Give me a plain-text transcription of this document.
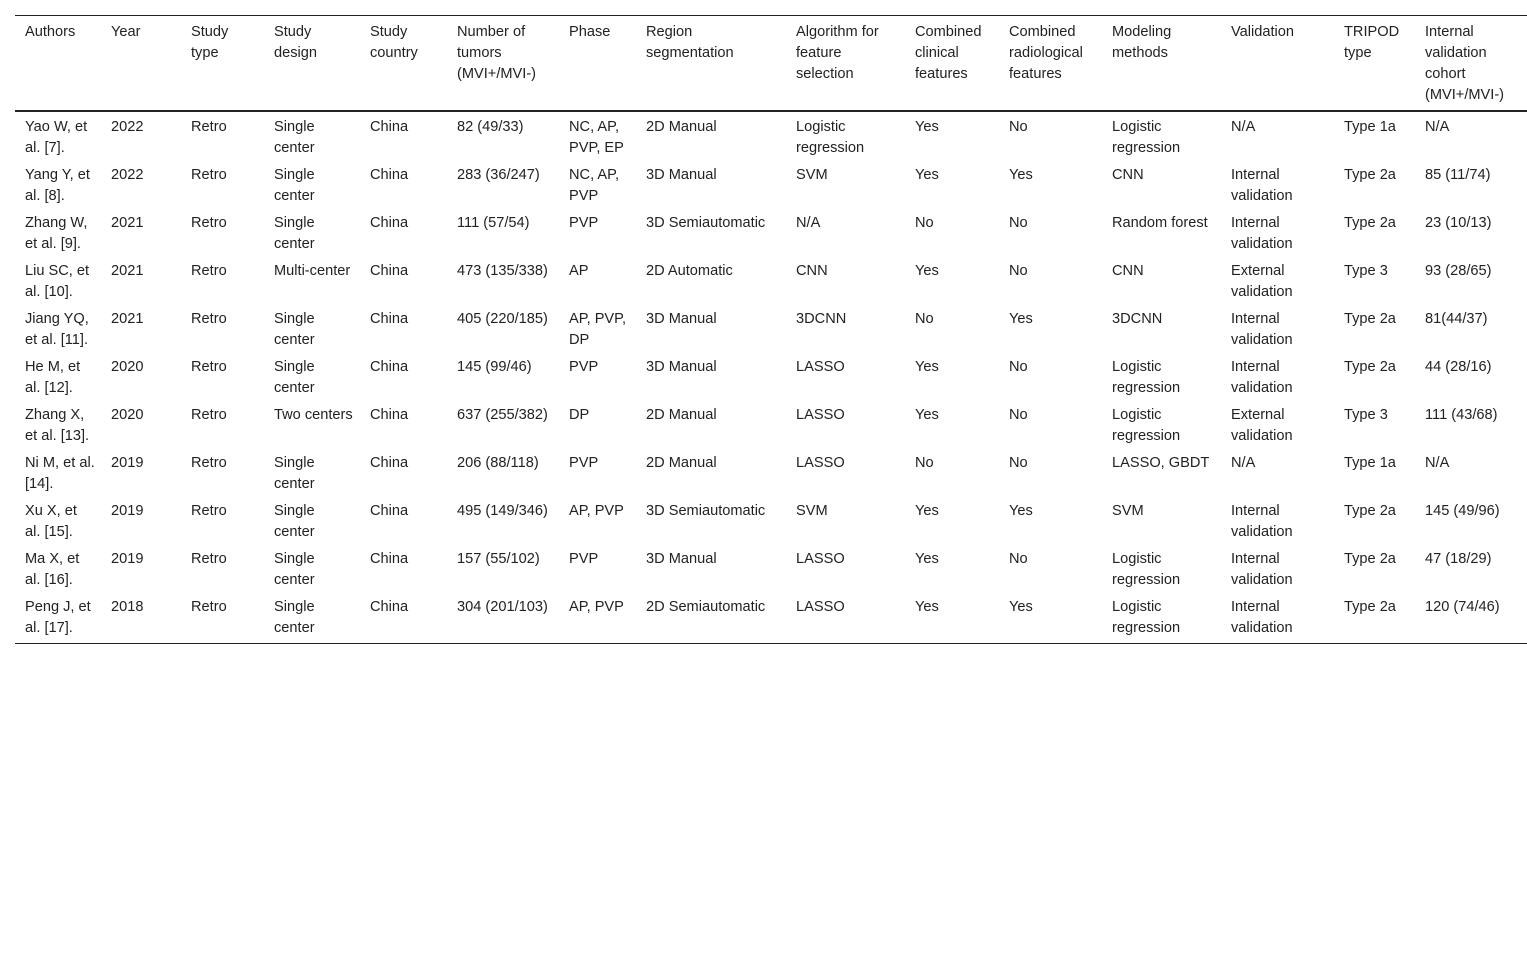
Authors	Year	Study type	Study design	Study country	Number of tumors (MVI+/MVI-)	Phase	Region segmentation	Algorithm for feature selection	Combined clinical features	Combined radiological features	Modeling methods	Validation	TRIPOD type	Internal validation cohort (MVI+/MVI-)
Yao W, et al. [7].	2022	Retro	Single center	China	82 (49/33)	NC, AP, PVP, EP	2D Manual	Logistic regression	Yes	No	Logistic regression	N/A	Type 1a	N/A
Yang Y, et al. [8].	2022	Retro	Single center	China	283 (36/247)	NC, AP, PVP	3D Manual	SVM	Yes	Yes	CNN	Internal validation	Type 2a	85 (11/74)
Zhang W, et al. [9].	2021	Retro	Single center	China	111 (57/54)	PVP	3D Semiautomatic	N/A	No	No	Random forest	Internal validation	Type 2a	23 (10/13)
Liu SC, et al. [10].	2021	Retro	Multi-center	China	473 (135/338)	AP	2D Automatic	CNN	Yes	No	CNN	External validation	Type 3	93 (28/65)
Jiang YQ, et al. [11].	2021	Retro	Single center	China	405 (220/185)	AP, PVP, DP	3D Manual	3DCNN	No	Yes	3DCNN	Internal validation	Type 2a	81(44/37)
He M, et al. [12].	2020	Retro	Single center	China	145 (99/46)	PVP	3D Manual	LASSO	Yes	No	Logistic regression	Internal validation	Type 2a	44 (28/16)
Zhang X, et al. [13].	2020	Retro	Two centers	China	637 (255/382)	DP	2D Manual	LASSO	Yes	No	Logistic regression	External validation	Type 3	111 (43/68)
Ni M, et al. [14].	2019	Retro	Single center	China	206 (88/118)	PVP	2D Manual	LASSO	No	No	LASSO, GBDT	N/A	Type 1a	N/A
Xu X, et al. [15].	2019	Retro	Single center	China	495 (149/346)	AP, PVP	3D Semiautomatic	SVM	Yes	Yes	SVM	Internal validation	Type 2a	145 (49/96)
Ma X, et al. [16].	2019	Retro	Single center	China	157 (55/102)	PVP	3D Manual	LASSO	Yes	No	Logistic regression	Internal validation	Type 2a	47 (18/29)
Peng J, et al. [17].	2018	Retro	Single center	China	304 (201/103)	AP, PVP	2D Semiautomatic	LASSO	Yes	Yes	Logistic regression	Internal validation	Type 2a	120 (74/46)
